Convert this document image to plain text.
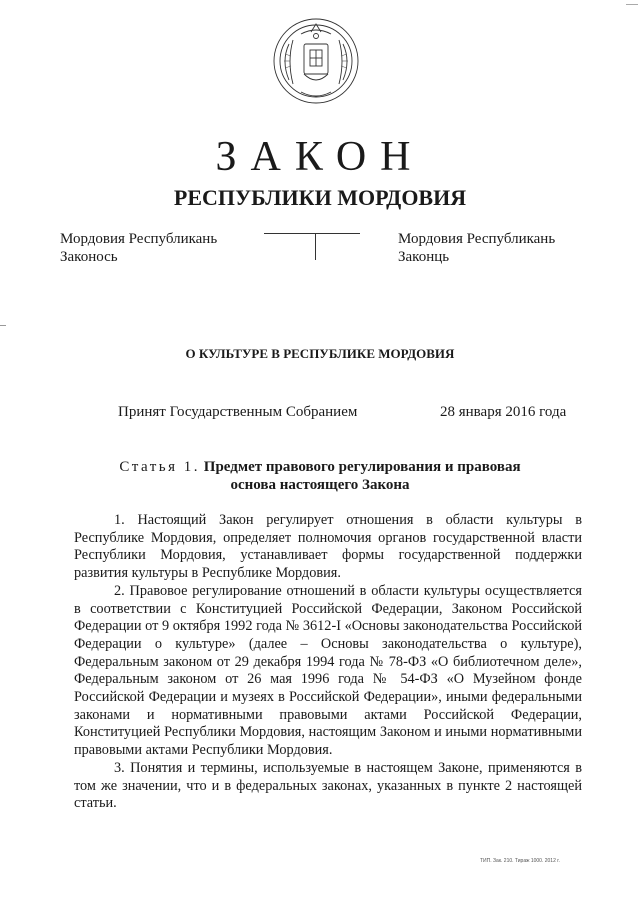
ЗАКОН
РЕСПУБЛИКИ МОРДОВИЯ
Мордовия Республикань
Законось
Мордовия Республикань
Законць
О КУЛЬТУРЕ В РЕСПУБЛИКЕ МОРДОВИЯ
Принят Государственным Собранием	28 января 2016 года
Статья 1. Предмет правового регулирования и правовая
основа настоящего Закона

1. Настоящий Закон регулирует отношения в области культуры в Республике Мордовия, определяет полномочия органов государственной власти Республики Мордовия, устанавливает формы государственной поддержки развития культуры в Республике Мордовия.

2. Правовое регулирование отношений в области культуры осуществляется в соответствии с Конституцией Российской Федерации, Законом Российской Федерации от 9 октября 1992 года № 3612-I «Основы законодательства Российской Федерации о культуре» (далее – Основы законодательства о культуре), Федеральным законом от 29 декабря 1994 года № 78-ФЗ «О библиотечном деле», Федеральным законом от 26 мая 1996 года № 54-ФЗ «О Музейном фонде Российской Федерации и музеях в Российской Федерации», иными федеральными законами и нормативными правовыми актами Российской Федерации, Конституцией Республики Мордовия, настоящим Законом и иными нормативными правовыми актами Республики Мордовия.

3. Понятия и термины, используемые в настоящем Законе, применяются в том же значении, что и в федеральных законах, указанных в пункте 2 настоящей статьи.

ТИП. Зак. 210. Тираж 1000. 2012 г.
